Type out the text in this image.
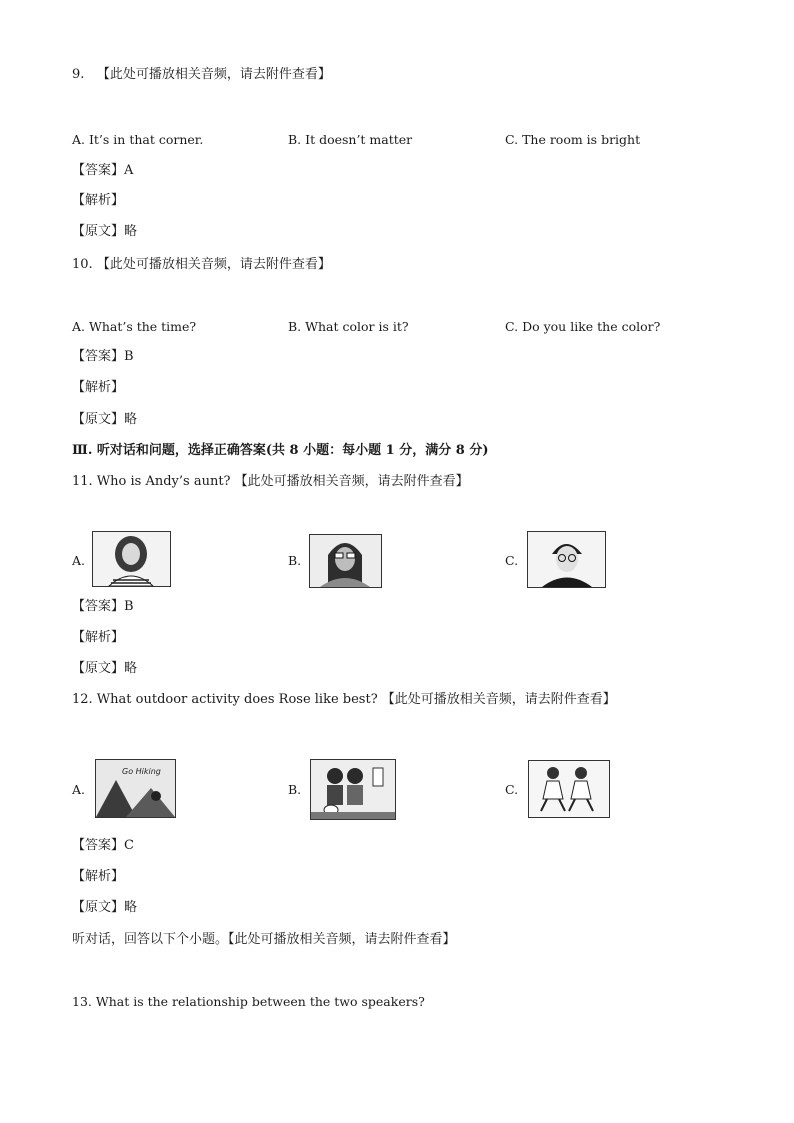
9. 【此处可播放相关音频，请去附件查看】
A. It’s in that corner.	B. It doesn’t matter	C. The room is bright
【答案】A
【解析】
【原文】略
10. 【此处可播放相关音频，请去附件查看】
A. What’s the time?	B. What color is it?	C. Do you like the color?
【答案】B
【解析】
【原文】略
Ⅲ. 听对话和问题，选择正确答案(共 8 小题：每小题 1 分，满分 8 分)
11. Who is Andy’s aunt? 【此处可播放相关音频，请去附件查看】
A.	B.	C.
【答案】B
【解析】
【原文】略
12. What outdoor activity does Rose like best? 【此处可播放相关音频，请去附件查看】
A.
Go Hiking
B.	C.
【答案】C
【解析】
【原文】略
听对话，回答以下个小题。【此处可播放相关音频，请去附件查看】
13. What is the relationship between the two speakers?
